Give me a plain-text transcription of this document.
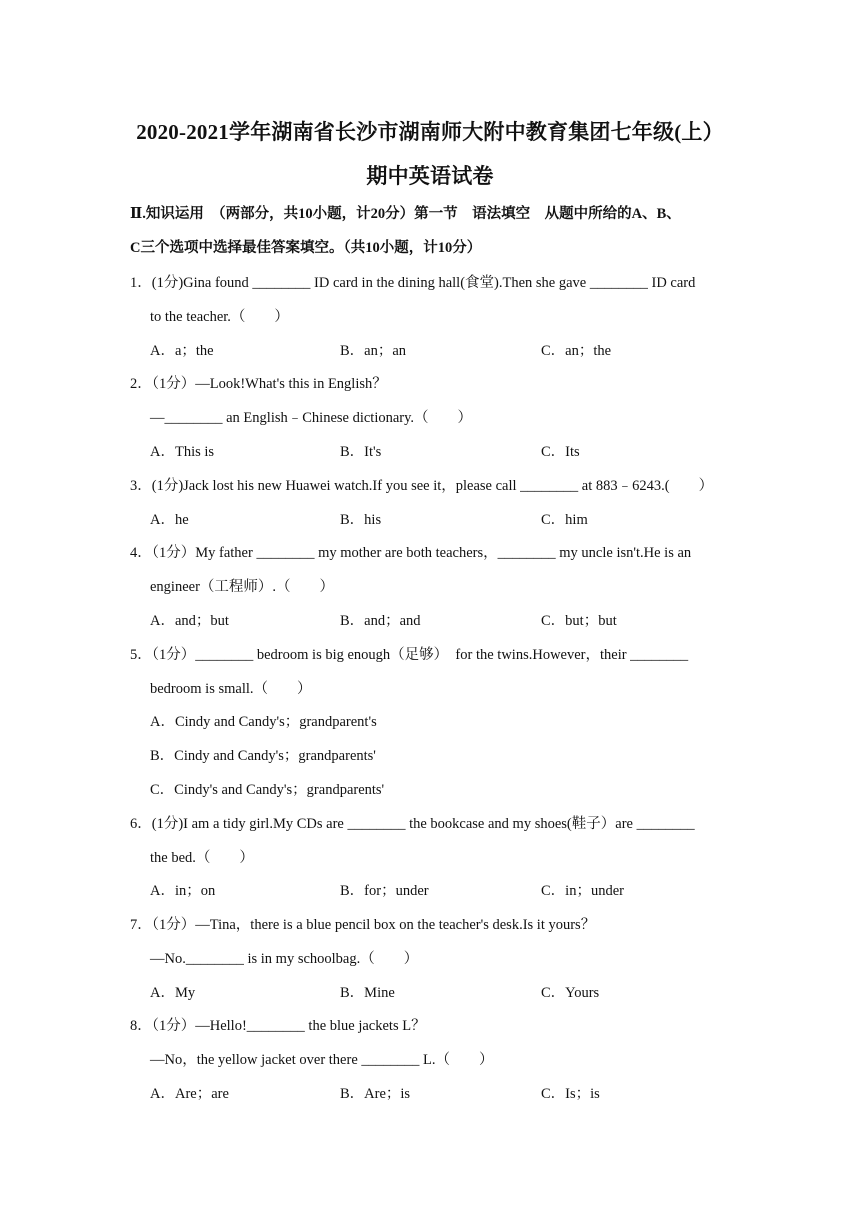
2020-2021学年湖南省长沙市湖南师大附中教育集团七年级(上）
期中英语试卷
Ⅱ.知识运用　（两部分，共10小题，计20分）第一节　语法填空　从题中所给的A、B、
C三个选项中选择最佳答案填空。（共10小题，计10分）
1．(1分)Gina found ________ ID card in the dining hall(食堂).Then she gave ________ ID card
to the teacher.（　　）
A．a；the	B．an；an	C．an；the
2．（1分）—Look!What's this in English？
—________ an English﹣Chinese dictionary.（　　）
A．This is	B．It's	C．Its
3．(1分)Jack lost his new Huawei watch.If you see it，please call ________ at 883﹣6243.(　　）
A．he	B．his	C．him
4．（1分）My father ________ my mother are both teachers，________ my uncle isn't.He is an
engineer（工程师）.（　　）
A．and；but	B．and；and	C．but；but
5．（1分）________ bedroom is big enough（足够）　for the twins.However，their ________
bedroom is small.（　　）
A．Cindy and Candy's；grandparent's
B．Cindy and Candy's；grandparents'
C．Cindy's and Candy's；grandparents'
6．(1分)I am a tidy girl.My CDs are ________ the bookcase and my shoes(鞋子）are ________
the bed.（　　）
A．in；on	B．for；under	C．in；under
7．（1分）—Tina，there is a blue pencil box on the teacher's desk.Is it yours？
—No.________ is in my schoolbag.（　　）
A．My	B．Mine	C．Yours
8．（1分）—Hello!________ the blue jackets L？
—No，the yellow jacket over there ________ L.（　　）
A．Are；are	B．Are；is	C．Is；is
